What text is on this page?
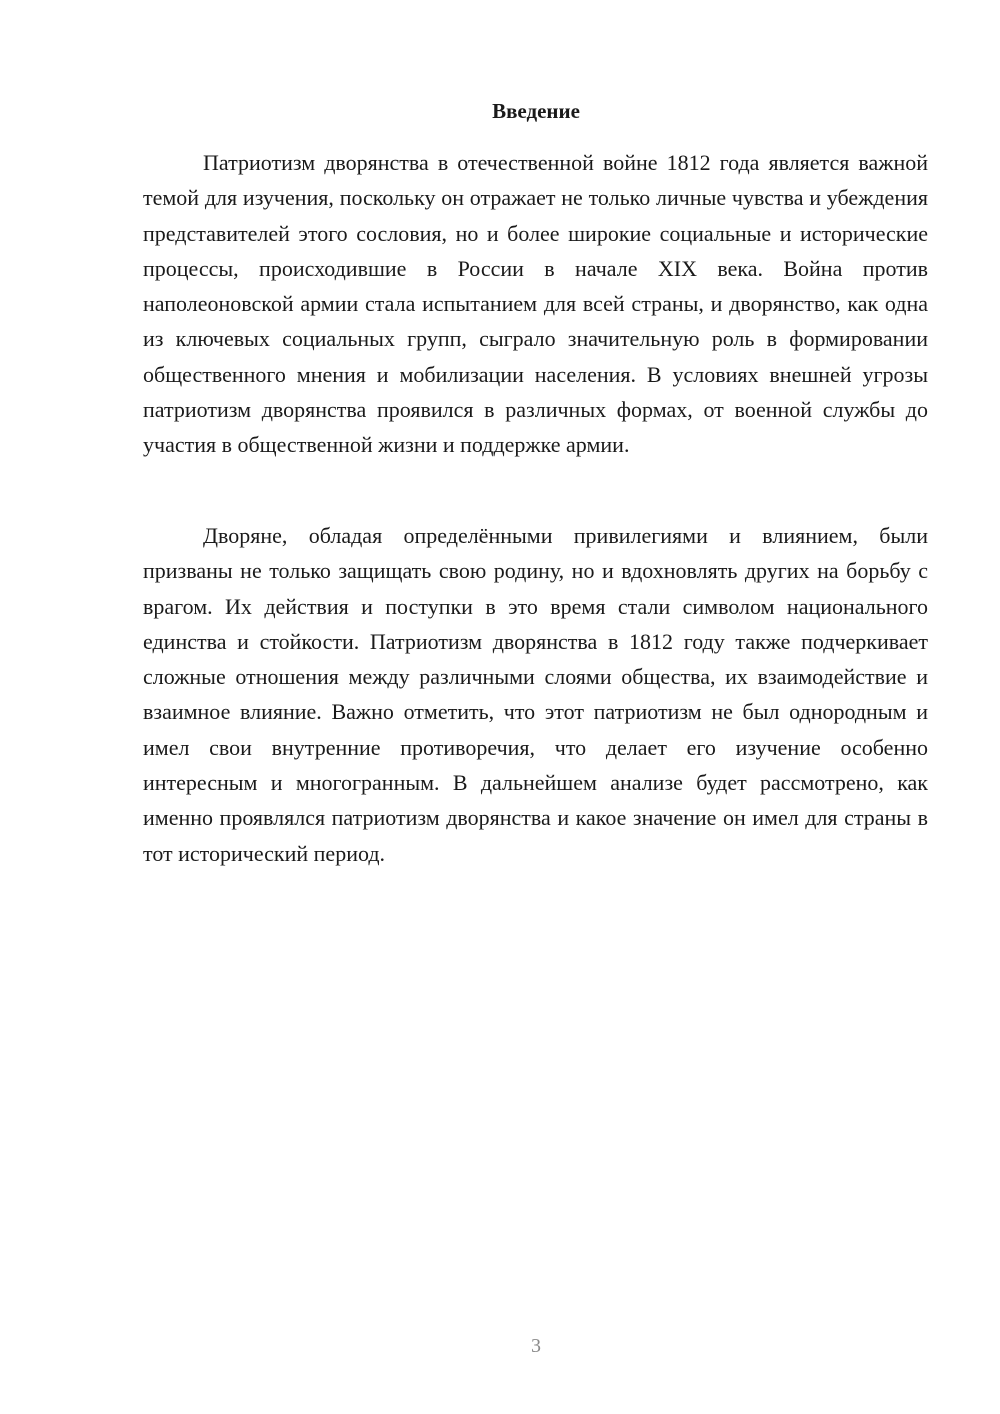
Введение

Патриотизм дворянства в отечественной войне 1812 года является важной темой для изучения, поскольку он отражает не только личные чувства и убеждения представителей этого сословия, но и более широкие социальные и исторические процессы, происходившие в России в начале XIX века. Война против наполеоновской армии стала испытанием для всей страны, и дворянство, как одна из ключевых социальных групп, сыграло значительную роль в формировании общественного мнения и мобилизации населения. В условиях внешней угрозы патриотизм дворянства проявился в различных формах, от военной службы до участия в общественной жизни и поддержке армии.

Дворяне, обладая определёнными привилегиями и влиянием, были призваны не только защищать свою родину, но и вдохновлять других на борьбу с врагом. Их действия и поступки в это время стали символом национального единства и стойкости. Патриотизм дворянства в 1812 году также подчеркивает сложные отношения между различными слоями общества, их взаимодействие и взаимное влияние. Важно отметить, что этот патриотизм не был однородным и имел свои внутренние противоречия, что делает его изучение особенно интересным и многогранным. В дальнейшем анализе будет рассмотрено, как именно проявлялся патриотизм дворянства и какое значение он имел для страны в тот исторический период.

3
